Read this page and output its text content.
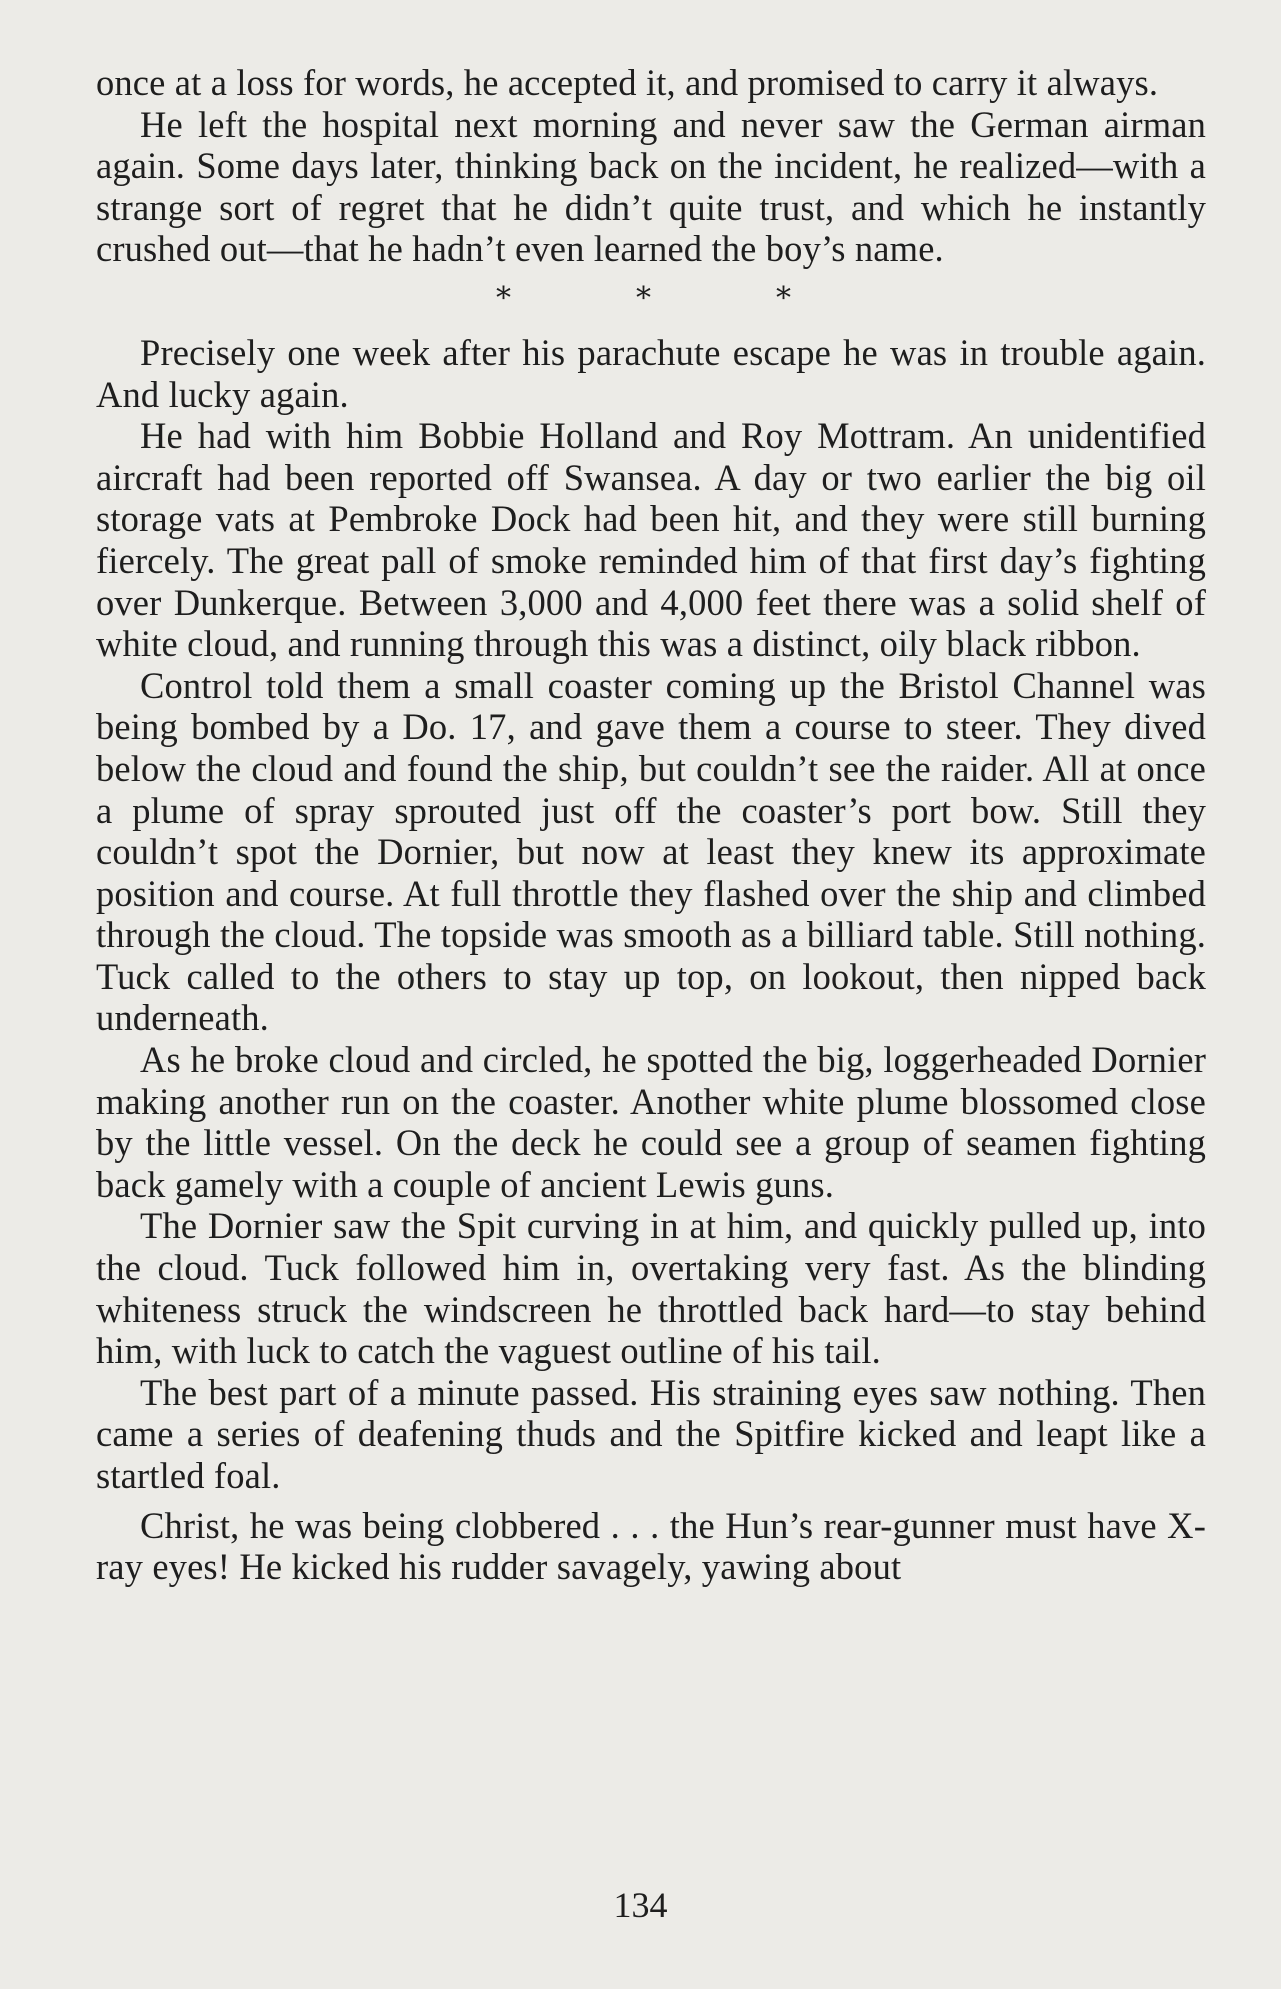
once at a loss for words, he accepted it, and promised to carry it always.

He left the hospital next morning and never saw the German airman again. Some days later, thinking back on the incident, he realized—with a strange sort of regret that he didn’t quite trust, and which he instantly crushed out—that he hadn’t even learned the boy’s name.

*	*	*

Precisely one week after his parachute escape he was in trouble again. And lucky again.

He had with him Bobbie Holland and Roy Mottram. An unidentified aircraft had been reported off Swansea. A day or two earlier the big oil storage vats at Pembroke Dock had been hit, and they were still burning fiercely. The great pall of smoke reminded him of that first day’s fighting over Dunkerque. Between 3,000 and 4,000 feet there was a solid shelf of white cloud, and running through this was a distinct, oily black ribbon.

Control told them a small coaster coming up the Bristol Channel was being bombed by a Do. 17, and gave them a course to steer. They dived below the cloud and found the ship, but couldn’t see the raider. All at once a plume of spray sprouted just off the coaster’s port bow. Still they couldn’t spot the Dornier, but now at least they knew its approximate position and course. At full throttle they flashed over the ship and climbed through the cloud. The topside was smooth as a billiard table. Still nothing. Tuck called to the others to stay up top, on lookout, then nipped back underneath.

As he broke cloud and circled, he spotted the big, loggerheaded Dornier making another run on the coaster. Another white plume blossomed close by the little vessel. On the deck he could see a group of seamen fighting back gamely with a couple of ancient Lewis guns.

The Dornier saw the Spit curving in at him, and quickly pulled up, into the cloud. Tuck followed him in, overtaking very fast. As the blinding whiteness struck the windscreen he throttled back hard—to stay behind him, with luck to catch the vaguest outline of his tail.

The best part of a minute passed. His straining eyes saw nothing. Then came a series of deafening thuds and the Spitfire kicked and leapt like a startled foal.

Christ, he was being clobbered . . . the Hun’s rear-gunner must have X-ray eyes! He kicked his rudder savagely, yawing about

134
